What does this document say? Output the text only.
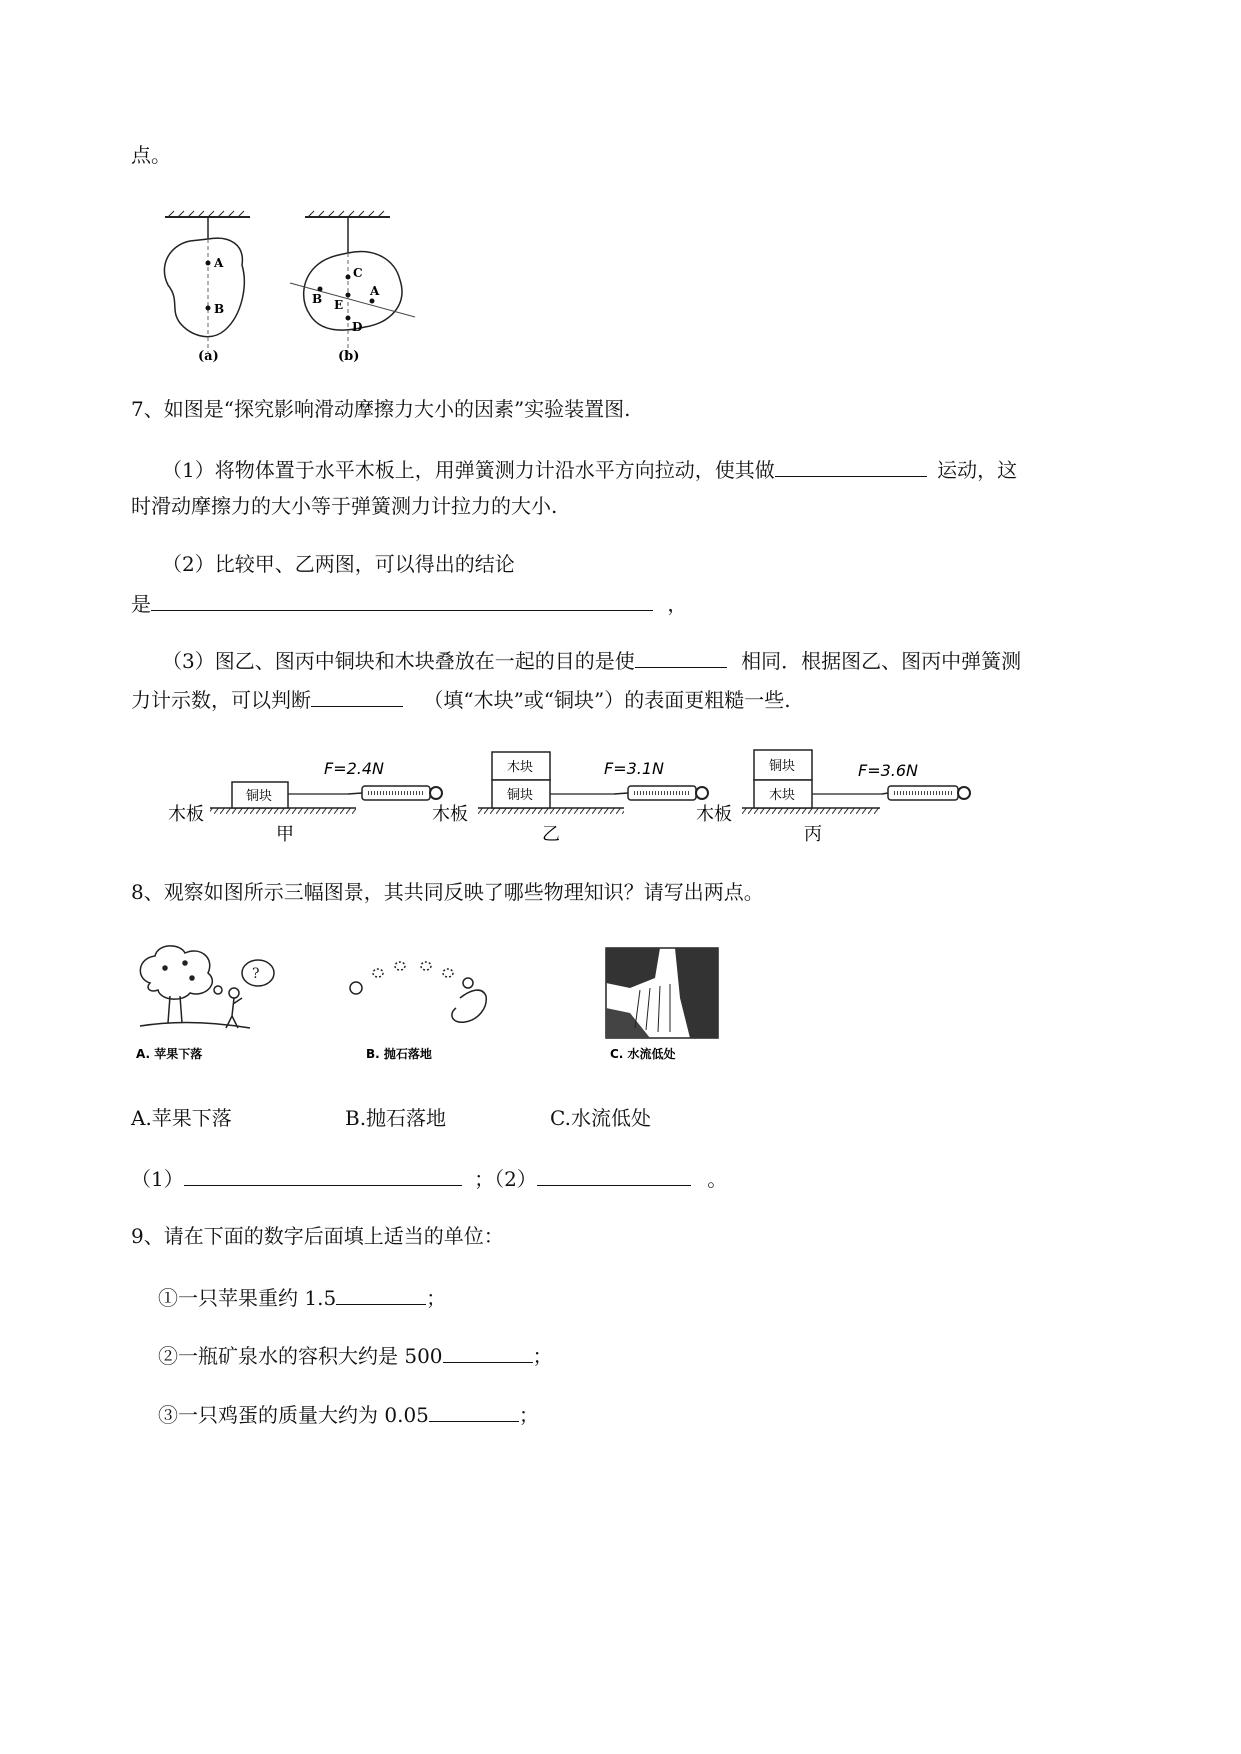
点。
A
B
(a)
C
B E
A
D
(b)
7、如图是“探究影响滑动摩擦力大小的因素”实验装置图.
（1）将物体置于水平木板上，用弹簧测力计沿水平方向拉动，使其做	运动，这
时滑动摩擦力的大小等于弹簧测力计拉力的大小.
（2）比较甲、乙两图，可以得出的结论
是	，
（3）图乙、图丙中铜块和木块叠放在一起的目的是使	相同．根据图乙、图丙中弹簧测
力计示数，可以判断	（填“木块”或“铜块”）的表面更粗糙一些.
木板
铜块
F=2.4N
甲
木板
木块
铜块
F=3.1N
乙
木板
铜块
木块
F=3.6N
丙
8、观察如图所示三幅图景，其共同反映了哪些物理知识？请写出两点。
?
A. 苹果下落	B. 抛石落地	C. 水流低处
A.苹果下落	B.抛石落地	C.水流低处
（1）	；（2）	。
9、请在下面的数字后面填上适当的单位：
①一只苹果重约 1.5	；
②一瓶矿泉水的容积大约是 500	；
③一只鸡蛋的质量大约为 0.05	；
